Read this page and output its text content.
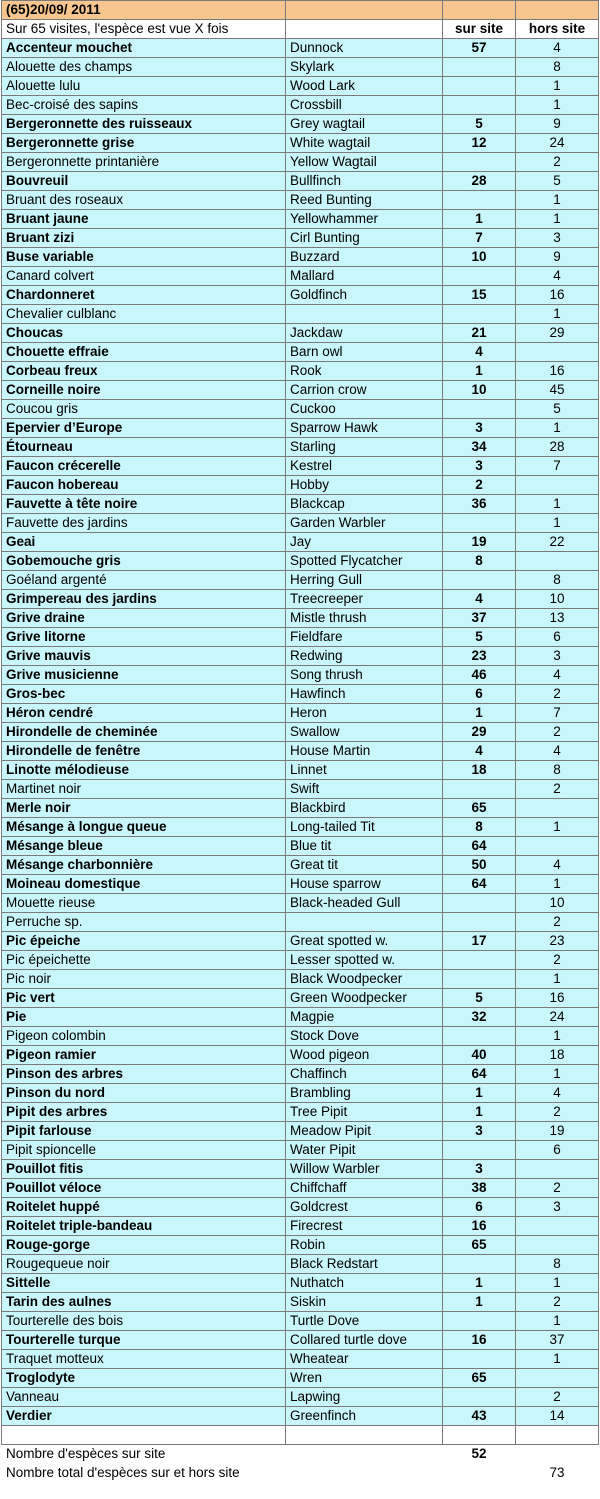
(65)20/09/ 2011			
Sur 65 visites, l'espèce est vue X fois		sur site	hors site
Accenteur mouchet	Dunnock	57	4
Alouette des champs	Skylark		8
Alouette lulu	Wood Lark		1
Bec-croisé des sapins	Crossbill		1
Bergeronnette des ruisseaux	Grey wagtail	5	9
Bergeronnette grise	White wagtail	12	24
Bergeronnette printanière	Yellow Wagtail		2
Bouvreuil	Bullfinch	28	5
Bruant des roseaux	Reed Bunting		1
Bruant jaune	Yellowhammer	1	1
Bruant zizi	Cirl Bunting	7	3
Buse variable	Buzzard	10	9
Canard colvert	Mallard		4
Chardonneret	Goldfinch	15	16
Chevalier culblanc			1
Choucas	Jackdaw	21	29
Chouette effraie	Barn owl	4	
Corbeau freux	Rook	1	16
Corneille noire	Carrion crow	10	45
Coucou gris	Cuckoo		5
Epervier d’Europe	Sparrow Hawk	3	1
Étourneau	Starling	34	28
Faucon crécerelle	Kestrel	3	7
Faucon hobereau	Hobby	2	
Fauvette à tête noire	Blackcap	36	1
Fauvette des jardins	Garden Warbler		1
Geai	Jay	19	22
Gobemouche gris	Spotted Flycatcher	8	
Goéland argenté	Herring Gull		8
Grimpereau des jardins	Treecreeper	4	10
Grive draine	Mistle thrush	37	13
Grive litorne	Fieldfare	5	6
Grive mauvis	Redwing	23	3
Grive musicienne	Song thrush	46	4
Gros-bec	Hawfinch	6	2
Héron cendré	Heron	1	7
Hirondelle de cheminée	Swallow	29	2
Hirondelle de fenêtre	House Martin	4	4
Linotte mélodieuse	Linnet	18	8
Martinet noir	Swift		2
Merle noir	Blackbird	65	
Mésange à longue queue	Long-tailed Tit	8	1
Mésange bleue	Blue tit	64	
Mésange charbonnière	Great tit	50	4
Moineau domestique	House sparrow	64	1
Mouette rieuse	Black-headed Gull		10
Perruche sp.			2
Pic épeiche	Great spotted w.	17	23
Pic épeichette	Lesser spotted w.		2
Pic noir	Black Woodpecker		1
Pic vert	Green Woodpecker	5	16
Pie	Magpie	32	24
Pigeon colombin	Stock Dove		1
Pigeon ramier	Wood pigeon	40	18
Pinson des arbres	Chaffinch	64	1
Pinson du nord	Brambling	1	4
Pipit des arbres	Tree Pipit	1	2
Pipit farlouse	Meadow Pipit	3	19
Pipit spioncelle	Water Pipit		6
Pouillot fitis	Willow Warbler	3	
Pouillot véloce	Chiffchaff	38	2
Roitelet huppé	Goldcrest	6	3
Roitelet triple-bandeau	Firecrest	16	
Rouge-gorge	Robin	65	
Rougequeue noir	Black Redstart		8
Sittelle	Nuthatch	1	1
Tarin des aulnes	Siskin	1	2
Tourterelle des bois	Turtle Dove		1
Tourterelle turque	Collared turtle dove	16	37
Traquet motteux	Wheatear		1
Troglodyte	Wren	65	
Vanneau	Lapwing		2
Verdier	Greenfinch	43	14

Nombre d'espèces sur site		52	
Nombre total d'espèces sur et hors site			73
